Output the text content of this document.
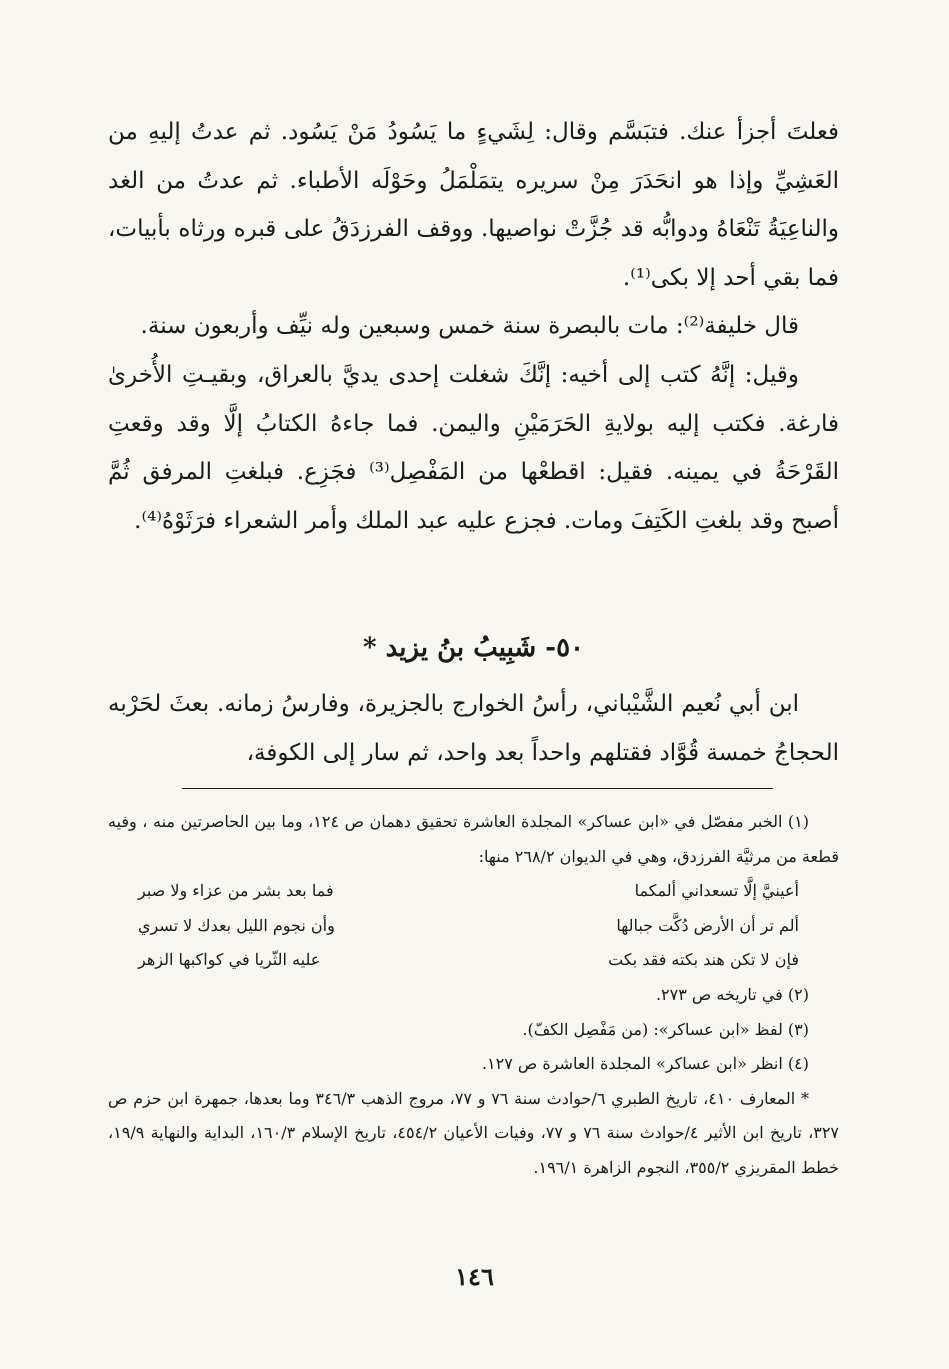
فعلتَ أجزأ عنك. فتبَسَّم وقال: لِشَيءٍ ما يَسُودُ مَنْ يَسُود. ثم عدتُ إليهِ من العَشِيِّ وإذا هو انحَدَرَ مِنْ سريره يتمَلْمَلُ وحَوْلَه الأطباء. ثم عدتُ من الغد والناعِيَةُ تَنْعَاهُ ودوابُّه قد جُزَّتْ نواصيها. ووقف الفرزدَقُ على قبره ورثاه بأبيات، فما بقي أحد إلا بكى⁽¹⁾.

قال خليفة⁽²⁾: مات بالبصرة سنة خمس وسبعين وله نيِّف وأربعون سنة.

وقيل: إنَّهُ كتب إلى أخيه: إنَّكَ شغلت إحدى يديَّ بالعراق، وبقيـتِ الأُخرىٰ فارغة. فكتب إليه بولايةِ الحَرَمَيْنِ واليمن. فما جاءهُ الكتابُ إلَّا وقد وقعتِ القَرْحَةُ في يمينه. فقيل: اقطعْها من المَفْصِل⁽³⁾ فجَزِع. فبلغتِ المرفق ثُمَّ أصبح وقد بلغتِ الكَتِفَ ومات. فجزع عليه عبد الملك وأمر الشعراء فرَثَوْهُ⁽⁴⁾.

٥٠- شَبِيبُ بنُ يزيد *

ابن أبي نُعيم الشَّيْباني، رأسُ الخوارج بالجزيرة، وفارسُ زمانه. بعثَ لحَرْبه الحجاجُ خمسة قُوَّاد فقتلهم واحداً بعد واحد، ثم سار إلى الكوفة،

(١) الخبر مفصّل في «ابن عساكر» المجلدة العاشرة تحقيق دهمان ص ١٢٤، وما بين الحاصرتين منه ، وفيه قطعة من مرثيَّة الفرزدق، وهي في الديوان ٢٦٨/٢ منها:

أعينيَّ إلَّا تسعداني ألمكما
فما بعد بشر من عزاء ولا صبر
ألم تر أن الأرض دُكَّت جبالها
وأن نجوم الليل بعدك لا تسري
فإن لا تكن هند بكته فقد بكت
عليه الثّريا في كواكبها الزهر

(٢) في تاريخه ص ٢٧٣.

(٣) لفظ «ابن عساكر»: (من مَفْصِل الكفّ).

(٤) انظر «ابن عساكر» المجلدة العاشرة ص ١٢٧.

* المعارف ٤١٠، تاريخ الطبري ٦/حوادث سنة ٧٦ و ٧٧، مروج الذهب ٣٤٦/٣ وما بعدها، جمهرة ابن حزم ص ٣٢٧، تاريخ ابن الأثير ٤/حوادث سنة ٧٦ و ٧٧، وفيات الأعيان ٤٥٤/٢، تاريخ الإسلام ١٦٠/٣، البداية والنهاية ١٩/٩، خطط المقريزي ٣٥٥/٢، النجوم الزاهرة ١٩٦/١.

١٤٦
